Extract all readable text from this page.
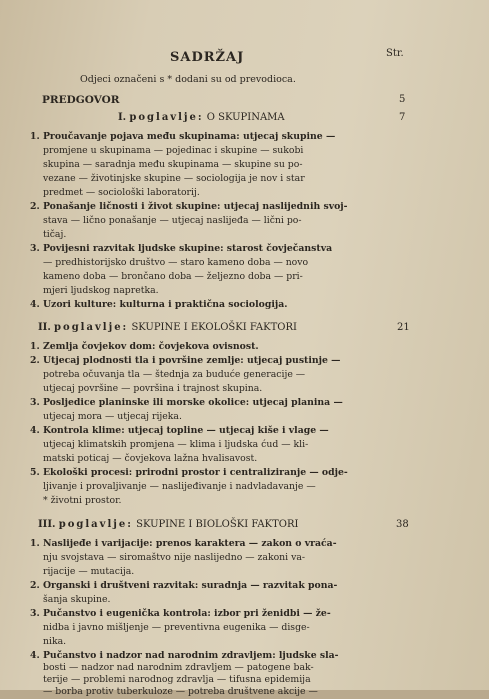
SADRŽAJ	Str.
Odjeci označeni s * dodani su od prevodioca.
PREDGOVOR	5
I. poglavlje: O SKUPINAMA	7
1. Proučavanje pojava među skupinama: utjecaj skupine —
promjene u skupinama — pojedinac i skupine — sukobi
skupina — saradnja među skupinama — skupine su po-
vezane — životinjske skupine — sociologija je nov i star
predmet — sociološki laboratorij.
2. Ponašanje ličnosti i život skupine: utjecaj naslijednih svoj-
stava — lično ponašanje — utjecaj naslijeđa — lični po-
tičaj.
3. Povijesni razvitak ljudske skupine: starost čovječanstva
— predhistorijsko društvo — staro kameno doba — novo
kameno doba — brončano doba — željezno doba — pri-
mjeri ljudskog napretka.
4. Uzori kulture: kulturna i praktična sociologija.
II. poglavlje: SKUPINE I EKOLOŠKI FAKTORI	21
1. Zemlja čovjekov dom: čovjekova ovisnost.
2. Utjecaj plodnosti tla i površine zemlje: utjecaj pustinje —
potreba očuvanja tla — štednja za buduće generacije —
utjecaj površine — površina i trajnost skupina.
3. Posljedice planinske ili morske okolice: utjecaj planina —
utjecaj mora — utjecaj rijeka.
4. Kontrola klime: utjecaj topline — utjecaj kiše i vlage —
utjecaj klimatskih promjena — klima i ljudska ćud — kli-
matski poticaj — čovjekova lažna hvalisavost.
5. Ekološki procesi: prirodni prostor i centraliziranje — odje-
ljivanje i provaljivanje — naslijeđivanje i nadvladavanje —
* životni prostor.
III. poglavlje: SKUPINE I BIOLOŠKI FAKTORI	38
1. Naslijeđe i varijacije: prenos karaktera — zakon o vraća-
nju svojstava — siromaštvo nije naslijedno — zakoni va-
rijacije — mutacija.
2. Organski i društveni razvitak: suradnja — razvitak pona-
šanja skupine.
3. Pučanstvo i eugenička kontrola: izbor pri ženidbi — že-
nidba i javno mišljenje — preventivna eugenika — disge-
nika.
4. Pučanstvo i nadzor nad narodnim zdravljem: ljudske sla-
bosti — nadzor nad narodnim zdravljem — patogene bak-
terije — problemi narodnog zdravlja — tifusna epidemija
— borba protiv tuberkuloze — potreba društvene akcije —
